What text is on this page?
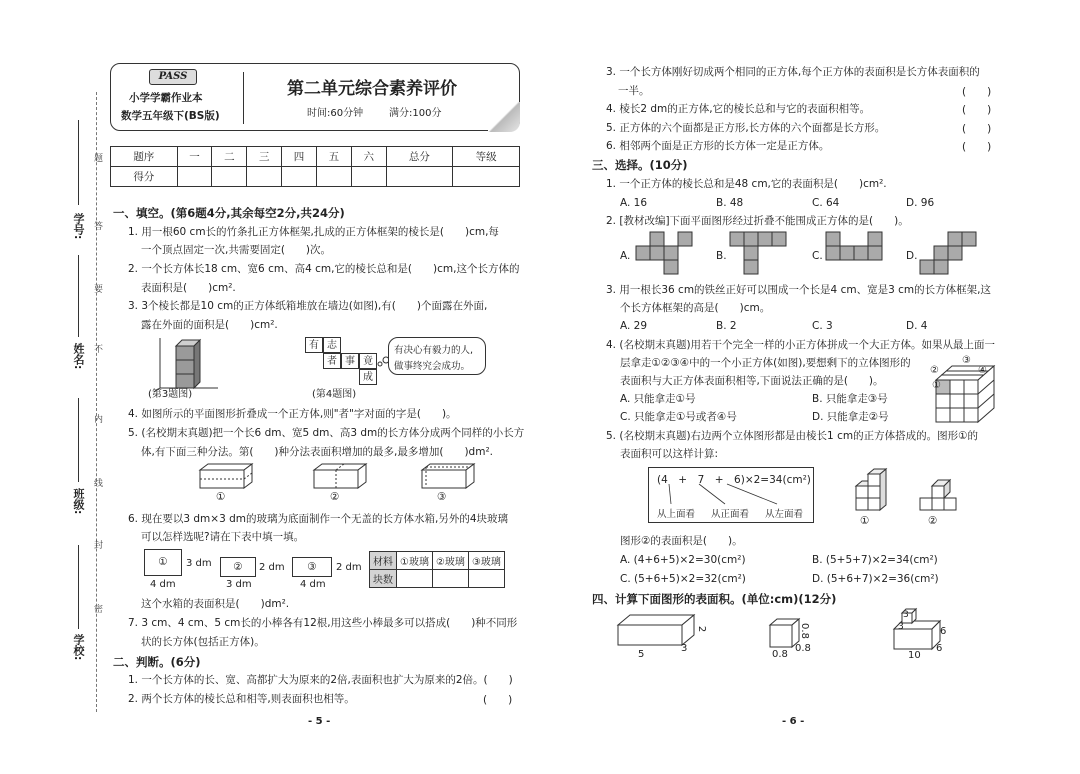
学号:
姓名:
班级:
学校:
题
答
要
不
内
线
封
密
PASS
小学学霸作业本
数学五年级下(BS版)
第二单元综合素养评价
时间:60分钟	满分:100分
题序	一	二	三	四	五	六	总分	等级
得分								
一、填空。(第6题4分,其余每空2分,共24分)
1. 用一根60 cm长的竹条扎正方体框架,扎成的正方体框架的棱长是(　　)cm,每
一个顶点固定一次,共需要固定(　　)次。
2. 一个长方体长18 cm、宽6 cm、高4 cm,它的棱长总和是(　　)cm,这个长方体的
表面积是(　　)cm².
3. 3个棱长都是10 cm的正方体纸箱堆放在墙边(如图),有(　　)个面露在外面,
露在外面的面积是(　　)cm².
(第3题图)
有 志
者 事 竟
成
有决心有毅力的人,
做事终究会成功。
(第4题图)
4. 如图所示的平面图形折叠成一个正方体,则"者"字对面的字是(　　)。
5. (名校期末真题)把一个长6 dm、宽5 dm、高3 dm的长方体分成两个同样的小长方
体,有下面三种分法。第(　　)种分法表面积增加的最多,最多增加(　　)dm².
①	②	③
6. 现在要以3 dm×3 dm的玻璃为底面制作一个无盖的长方体水箱,另外的4块玻璃
可以怎样选呢?请在下表中填一填。
①	3 dm
4 dm
②	2 dm
3 dm
③	2 dm
4 dm
材料	①玻璃	②玻璃	③玻璃
块数			
这个水箱的表面积是(　　)dm².
7. 3 cm、4 cm、5 cm长的小棒各有12根,用这些小棒最多可以搭成(　　)种不同形
状的长方体(包括正方体)。
二、判断。(6分)
1. 一个长方体的长、宽、高都扩大为原来的2倍,表面积也扩大为原来的2倍。(　　)
2. 两个长方体的棱长总和相等,则表面积也相等。	(　　)
- 5 -
3. 一个长方体刚好切成两个相同的正方体,每个正方体的表面积是长方体表面积的
一半。	(　　)
4. 棱长2 dm的正方体,它的棱长总和与它的表面积相等。	(　　)
5. 正方体的六个面都是正方形,长方体的六个面都是长方形。	(　　)
6. 相邻两个面是正方形的长方体一定是正方体。	(　　)
三、选择。(10分)
1. 一个正方体的棱长总和是48 cm,它的表面积是(　　)cm².
A. 16	B. 48	C. 64	D. 96
2. [教材改编]下面平面图形经过折叠不能围成正方体的是(　　)。
A.	B.	C.	D.
3. 用一根长36 cm的铁丝正好可以围成一个长是4 cm、宽是3 cm的长方体框架,这
个长方体框架的高是(　　)cm。
A. 29	B. 2	C. 3	D. 4
4. (名校期末真题)用若干个完全一样的小正方体拼成一个大正方体。如果从最上面一
层拿走①②③④中的一个小正方体(如图),要想剩下的立体图形的
表面积与大正方体表面积相等,下面说法正确的是(　　)。
A. 只能拿走①号	B. 只能拿走③号
C. 只能拿走①号或者④号	D. 只能拿走②号
①
②
③
④
5. (名校期末真题)右边两个立体图形都是由棱长1 cm的正方体搭成的。图形①的
表面积可以这样计算:
(4　+　7　+　6)×2=34(cm²)
从上面看 从正面看 从左面看
①	②
图形②的表面积是(　　)。
A. (4+6+5)×2=30(cm²)	B. (5+5+7)×2=34(cm²)
C. (5+6+5)×2=32(cm²)	D. (5+6+7)×2=36(cm²)
四、计算下面图形的表面积。(单位:cm)(12分)
5
3
2
0.8
0.8
0.8
3
3	6
10
6
- 6 -
